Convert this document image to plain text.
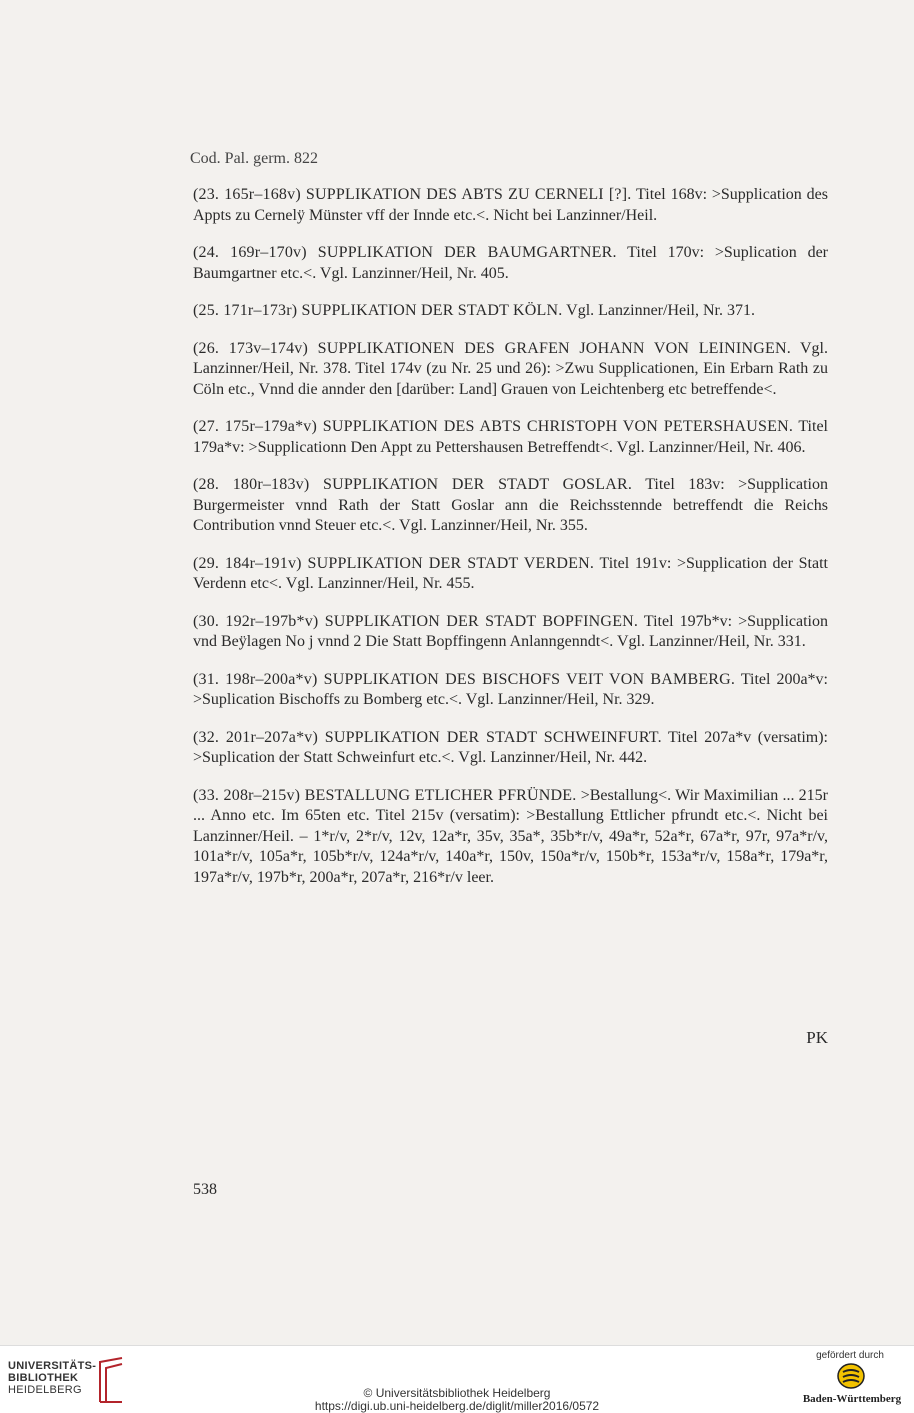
Cod. Pal. germ. 822

(23. 165r–168v) SUPPLIKATION DES ABTS ZU CERNELI [?]. Titel 168v: >Supplication des Appts zu Cernelÿ Münster vff der Innde etc.<. Nicht bei Lanzinner/Heil.

(24. 169r–170v) SUPPLIKATION DER BAUMGARTNER. Titel 170v: >Suplication der Baumgartner etc.<. Vgl. Lanzinner/Heil, Nr. 405.

(25. 171r–173r) SUPPLIKATION DER STADT KÖLN. Vgl. Lanzinner/Heil, Nr. 371.

(26. 173v–174v) SUPPLIKATIONEN DES GRAFEN JOHANN VON LEININGEN. Vgl. Lanzinner/Heil, Nr. 378. Titel 174v (zu Nr. 25 und 26): >Zwu Supplicationen, Ein Erbarn Rath zu Cöln etc., Vnnd die annder den [darüber: Land] Grauen von Leichtenberg etc betreffende<.

(27. 175r–179a*v) SUPPLIKATION DES ABTS CHRISTOPH VON PETERSHAUSEN. Titel 179a*v: >Supplicationn Den Appt zu Pettershausen Betreffendt<. Vgl. Lanzinner/Heil, Nr. 406.

(28. 180r–183v) SUPPLIKATION DER STADT GOSLAR. Titel 183v: >Supplication Burgermeister vnnd Rath der Statt Goslar ann die Reichsstennde betreffendt die Reichs Contribution vnnd Steuer etc.<. Vgl. Lanzinner/Heil, Nr. 355.

(29. 184r–191v) SUPPLIKATION DER STADT VERDEN. Titel 191v: >Supplication der Statt Verdenn etc<. Vgl. Lanzinner/Heil, Nr. 455.

(30. 192r–197b*v) SUPPLIKATION DER STADT BOPFINGEN. Titel 197b*v: >Supplication vnd Beÿlagen No j vnnd 2 Die Statt Bopffingenn Anlanngenndt<. Vgl. Lanzinner/Heil, Nr. 331.

(31. 198r–200a*v) SUPPLIKATION DES BISCHOFS VEIT VON BAMBERG. Titel 200a*v: >Suplication Bischoffs zu Bomberg etc.<. Vgl. Lanzinner/Heil, Nr. 329.

(32. 201r–207a*v) SUPPLIKATION DER STADT SCHWEINFURT. Titel 207a*v (versatim): >Suplication der Statt Schweinfurt etc.<. Vgl. Lanzinner/Heil, Nr. 442.

(33. 208r–215v) BESTALLUNG ETLICHER PFRÜNDE. >Bestallung<. Wir Maximilian ... 215r ... Anno etc. Im 65ten etc. Titel 215v (versatim): >Bestallung Ettlicher pfrundt etc.<. Nicht bei Lanzinner/Heil. – 1*r/v, 2*r/v, 12v, 12a*r, 35v, 35a*, 35b*r/v, 49a*r, 52a*r, 67a*r, 97r, 97a*r/v, 101a*r/v, 105a*r, 105b*r/v, 124a*r/v, 140a*r, 150v, 150a*r/v, 150b*r, 153a*r/v, 158a*r, 179a*r, 197a*r/v, 197b*r, 200a*r, 207a*r, 216*r/v leer.

PK
538
UNIVERSITÄTS-
BIBLIOTHEK
HEIDELBERG	© Universitätsbibliothek Heidelberg
https://digi.ub.uni-heidelberg.de/diglit/miller2016/0572
gefördert durch
Baden-Württemberg
